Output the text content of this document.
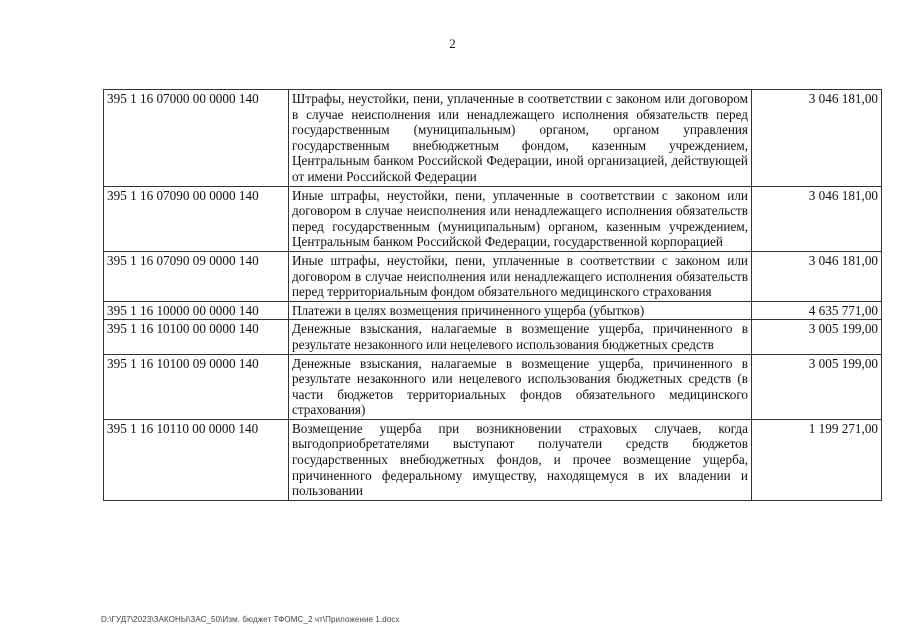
2
395 1 16 07000 00 0000 140	Штрафы, неустойки, пени, уплаченные в соответствии с законом или договором в случае неисполнения или ненадлежащего исполнения обязательств перед государственным (муниципальным) органом, органом управления государственным внебюджетным фондом, казенным учреждением, Центральным банком Российской Федерации, иной организацией, действующей от имени Российской Федерации	3 046 181,00
395 1 16 07090 00 0000 140	Иные штрафы, неустойки, пени, уплаченные в соответствии с законом или договором в случае неисполнения или ненадлежащего исполнения обязательств перед государственным (муниципальным) органом, казенным учреждением, Центральным банком Российской Федерации, государственной корпорацией	3 046 181,00
395 1 16 07090 09 0000 140	Иные штрафы, неустойки, пени, уплаченные в соответствии с законом или договором в случае неисполнения или ненадлежащего исполнения обязательств перед территориальным фондом обязательного медицинского страхования	3 046 181,00
395 1 16 10000 00 0000 140	Платежи в целях возмещения причиненного ущерба (убытков)	4 635 771,00
395 1 16 10100 00 0000 140	Денежные взыскания, налагаемые в возмещение ущерба, причиненного в результате незаконного или нецелевого использования бюджетных средств	3 005 199,00
395 1 16 10100 09 0000 140	Денежные взыскания, налагаемые в возмещение ущерба, причиненного в результате незаконного или нецелевого использования бюджетных средств (в части бюджетов территориальных фондов обязательного медицинского страхования)	3 005 199,00
395 1 16 10110 00 0000 140	Возмещение ущерба при возникновении страховых случаев, когда выгодоприобретателями выступают получатели средств бюджетов государственных внебюджетных фондов, и прочее возмещение ущерба, причиненного федеральному имуществу, находящемуся в их владении и пользовании	1 199 271,00
D:\ГУД7\2023\ЗАКОНЫ\ЗАС_50\Изм. бюджет ТФОМС_2 чт\Приложение 1.docx
